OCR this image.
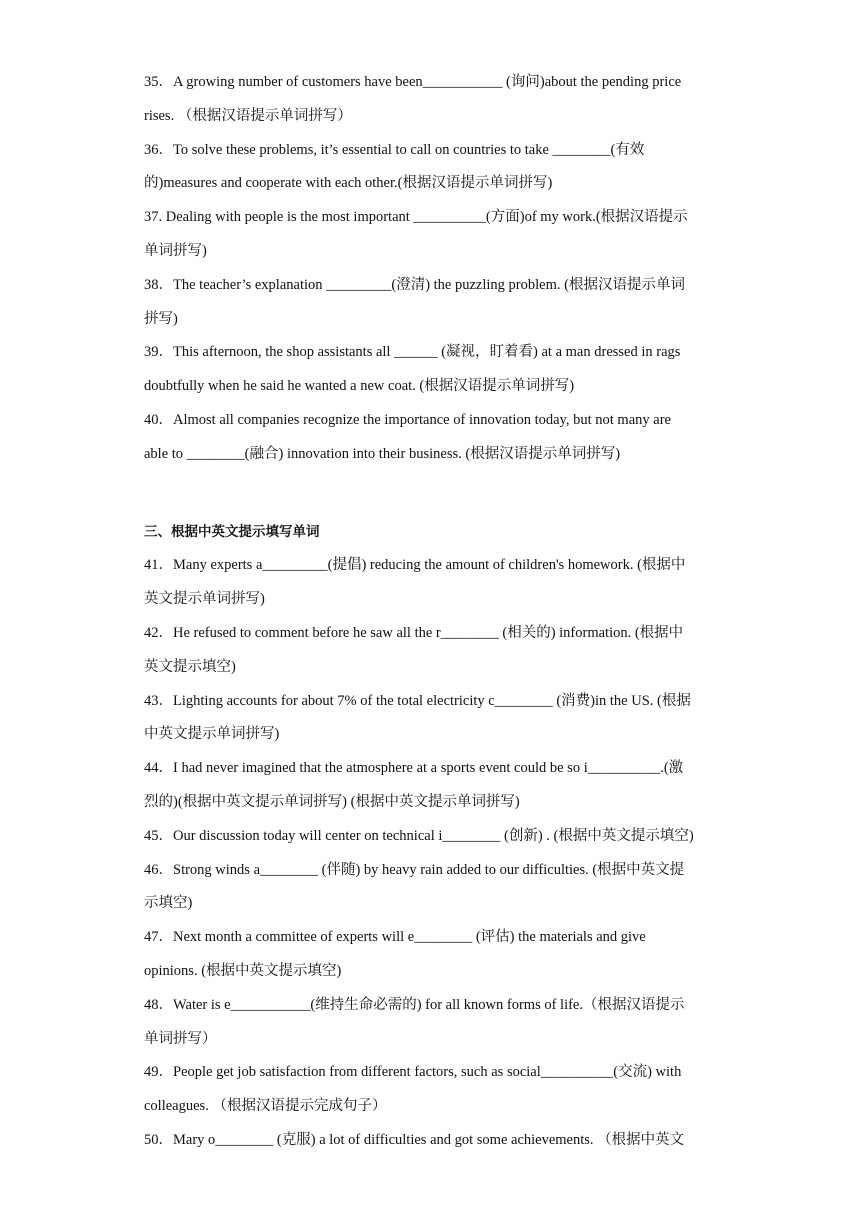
35．A growing number of customers have been___________ (询问)about the pending price
rises. （根据汉语提示单词拼写）
36．To solve these problems, it’s essential to call on countries to take ________(有效
的)measures and cooperate with each other.(根据汉语提示单词拼写)
37. Dealing with people is the most important __________(方面)of my work.(根据汉语提示
单词拼写)
38．The teacher’s explanation _________(澄清) the puzzling problem. (根据汉语提示单词
拼写)
39．This afternoon, the shop assistants all ______ (凝视，盯着看) at a man dressed in rags
doubtfully when he said he wanted a new coat. (根据汉语提示单词拼写)
40．Almost all companies recognize the importance of innovation today, but not many are
able to ________(融合) innovation into their business. (根据汉语提示单词拼写)
三、根据中英文提示填写单词
41．Many experts a_________(提倡) reducing the amount of children's homework. (根据中
英文提示单词拼写)
42．He refused to comment before he saw all the r________ (相关的) information. (根据中
英文提示填空)
43．Lighting accounts for about 7% of the total electricity c________ (消费)in the US. (根据
中英文提示单词拼写)
44．I had never imagined that the atmosphere at a sports event could be so i__________.(激
烈的)(根据中英文提示单词拼写) (根据中英文提示单词拼写)
45．Our discussion today will center on technical i________ (创新) . (根据中英文提示填空)
46．Strong winds a________ (伴随) by heavy rain added to our difficulties. (根据中英文提
示填空)
47．Next month a committee of experts will e________ (评估) the materials and give
opinions. (根据中英文提示填空)
48．Water is e___________(维持生命必需的) for all known forms of life.（根据汉语提示
单词拼写）
49．People get job satisfaction from different factors, such as social__________(交流) with
colleagues. （根据汉语提示完成句子）
50．Mary o________ (克服) a lot of difficulties and got some achievements. （根据中英文
